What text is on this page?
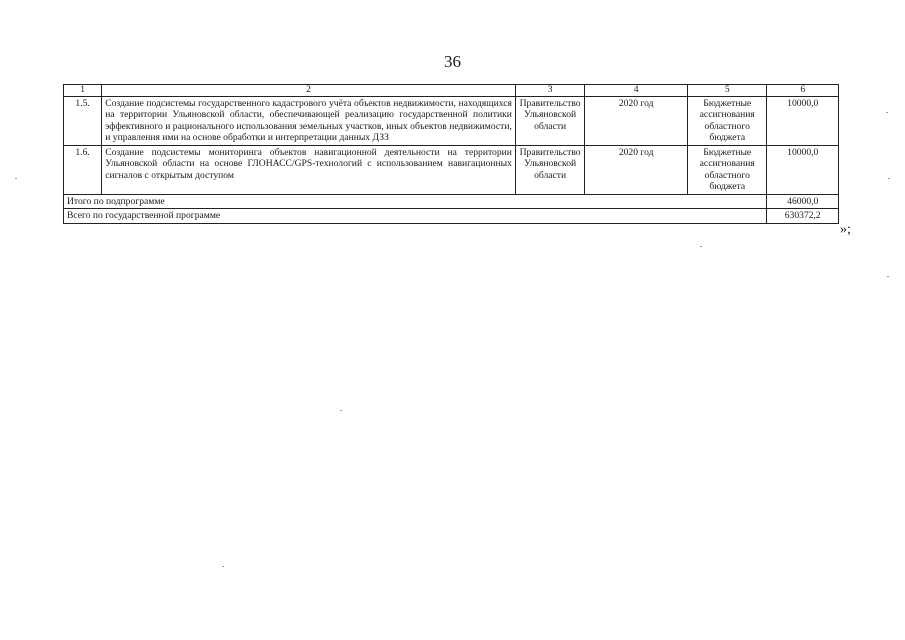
36
1	2	3	4	5	6
1.5.	Создание подсистемы государственного кадастрового учёта объектов недвижимости, находящихся на территории Ульяновской области, обеспечивающей реализацию государственной политики эффективного и рационального использования земельных участков, иных объектов недвижимости, и управления ими на основе обработки и интерпретации данных ДЗЗ	Правительство Ульяновской области	2020 год	Бюджетные ассигнования областного бюджета	10000,0
1.6.	Создание подсистемы мониторинга объектов навигационной деятельности на территории Ульяновской области на основе ГЛОНАСС/GPS-технологий с использованием навигационных сигналов с открытым доступом	Правительство Ульяновской области	2020 год	Бюджетные ассигнования областного бюджета	10000,0
Итого по подпрограмме					46000,0
Всего по государственной программе					630372,2
»;
